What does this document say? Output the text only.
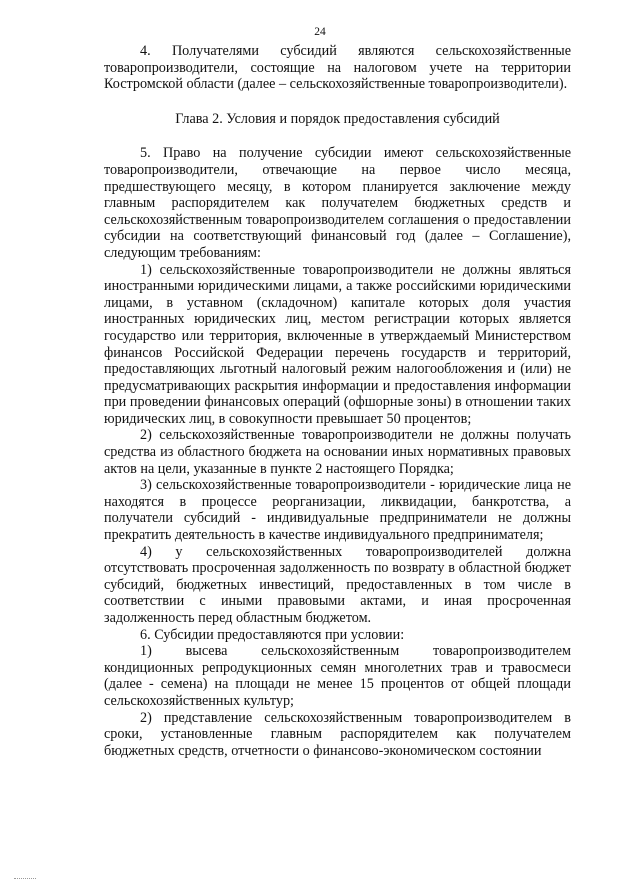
24

4. Получателями субсидий являются сельскохозяйственные товаропроизводители, состоящие на налоговом учете на территории Костромской области (далее – сельскохозяйственные товаропроизводители).

Глава 2. Условия и порядок предоставления субсидий

5. Право на получение субсидии имеют сельскохозяйственные товаропроизводители, отвечающие на первое число месяца, предшествующего месяцу, в котором планируется заключение между главным распорядителем как получателем бюджетных средств и сельскохозяйственным товаропроизводителем соглашения о предоставлении субсидии на соответствующий финансовый год (далее – Соглашение), следующим требованиям:

1) сельскохозяйственные товаропроизводители не должны являться иностранными юридическими лицами, а также российскими юридическими лицами, в уставном (складочном) капитале которых доля участия иностранных юридических лиц, местом регистрации которых является государство или территория, включенные в утверждаемый Министерством финансов Российской Федерации перечень государств и территорий, предоставляющих льготный налоговый режим налогообложения и (или) не предусматривающих раскрытия информации и предоставления информации при проведении финансовых операций (офшорные зоны) в отношении таких юридических лиц, в совокупности превышает 50 процентов;

2) сельскохозяйственные товаропроизводители не должны получать средства из областного бюджета на основании иных нормативных правовых актов на цели, указанные в пункте 2 настоящего Порядка;

3) сельскохозяйственные товаропроизводители - юридические лица не находятся в процессе реорганизации, ликвидации, банкротства, а получатели субсидий - индивидуальные предприниматели не должны прекратить деятельность в качестве индивидуального предпринимателя;

4) у сельскохозяйственных товаропроизводителей должна отсутствовать просроченная задолженность по возврату в областной бюджет субсидий, бюджетных инвестиций, предоставленных в том числе в соответствии с иными правовыми актами, и иная просроченная задолженность перед областным бюджетом.

6. Субсидии предоставляются при условии:

1) высева сельскохозяйственным товаропроизводителем кондиционных репродукционных семян многолетних трав и травосмеси (далее - семена) на площади не менее 15 процентов от общей площади сельскохозяйственных культур;

2) представление сельскохозяйственным товаропроизводителем в сроки, установленные главным распорядителем как получателем бюджетных средств, отчетности о финансово-экономическом состоянии
